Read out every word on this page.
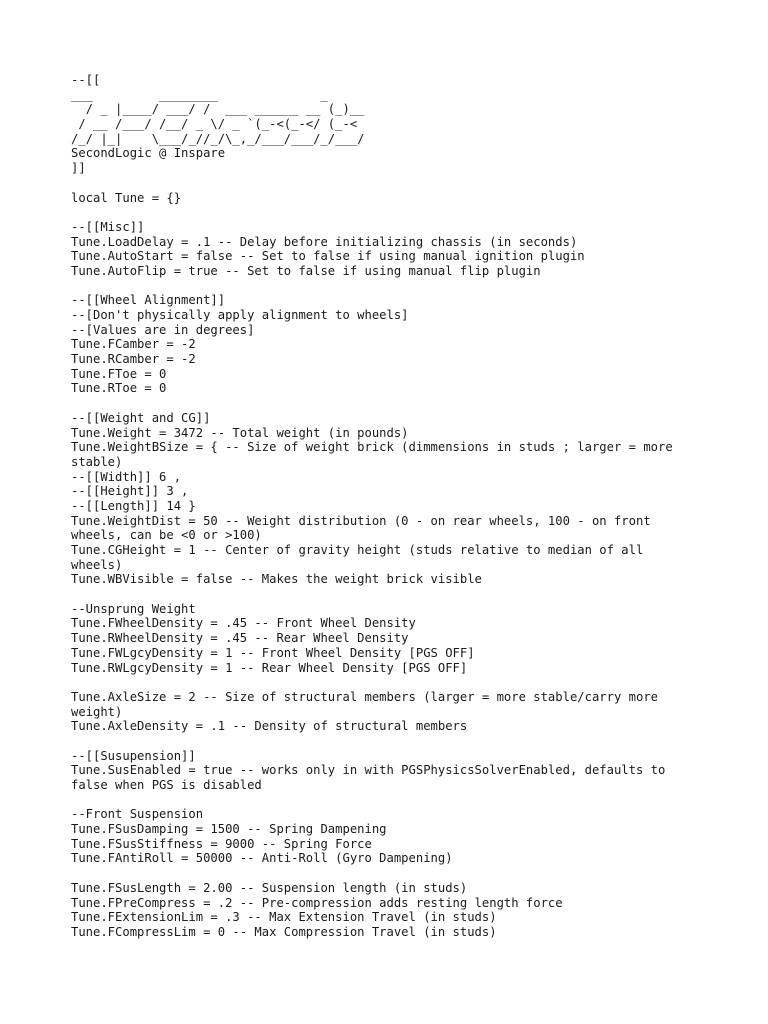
--[[
___         ________              _
/ _ |____/ ___/ /  ___ ______ __ (_)__
/ __ /___/ /__/ _ \/ _ `(_-<(_-</ (_-<
/_/ |_|    \___/_//_/\_,_/___/___/_/___/
SecondLogic @ Inspare
]]
local Tune = {}
--[[Misc]]
Tune.LoadDelay = .1 -- Delay before initializing chassis (in seconds)
Tune.AutoStart = false -- Set to false if using manual ignition plugin
Tune.AutoFlip = true -- Set to false if using manual flip plugin
--[[Wheel Alignment]]
--[Don't physically apply alignment to wheels]
--[Values are in degrees]
Tune.FCamber = -2
Tune.RCamber = -2
Tune.FToe = 0
Tune.RToe = 0
--[[Weight and CG]]
Tune.Weight = 3472 -- Total weight (in pounds)
Tune.WeightBSize = { -- Size of weight brick (dimmensions in studs ; larger = more
stable)
--[[Width]] 6 ,
--[[Height]] 3 ,
--[[Length]] 14 }
Tune.WeightDist = 50 -- Weight distribution (0 - on rear wheels, 100 - on front
wheels, can be <0 or >100)
Tune.CGHeight = 1 -- Center of gravity height (studs relative to median of all
wheels)
Tune.WBVisible = false -- Makes the weight brick visible
--Unsprung Weight
Tune.FWheelDensity = .45 -- Front Wheel Density
Tune.RWheelDensity = .45 -- Rear Wheel Density
Tune.FWLgcyDensity = 1 -- Front Wheel Density [PGS OFF]
Tune.RWLgcyDensity = 1 -- Rear Wheel Density [PGS OFF]
Tune.AxleSize = 2 -- Size of structural members (larger = more stable/carry more
weight)
Tune.AxleDensity = .1 -- Density of structural members
--[[Susupension]]
Tune.SusEnabled = true -- works only in with PGSPhysicsSolverEnabled, defaults to
false when PGS is disabled
--Front Suspension
Tune.FSusDamping = 1500 -- Spring Dampening
Tune.FSusStiffness = 9000 -- Spring Force
Tune.FAntiRoll = 50000 -- Anti-Roll (Gyro Dampening)
Tune.FSusLength = 2.00 -- Suspension length (in studs)
Tune.FPreCompress = .2 -- Pre-compression adds resting length force
Tune.FExtensionLim = .3 -- Max Extension Travel (in studs)
Tune.FCompressLim = 0 -- Max Compression Travel (in studs)
